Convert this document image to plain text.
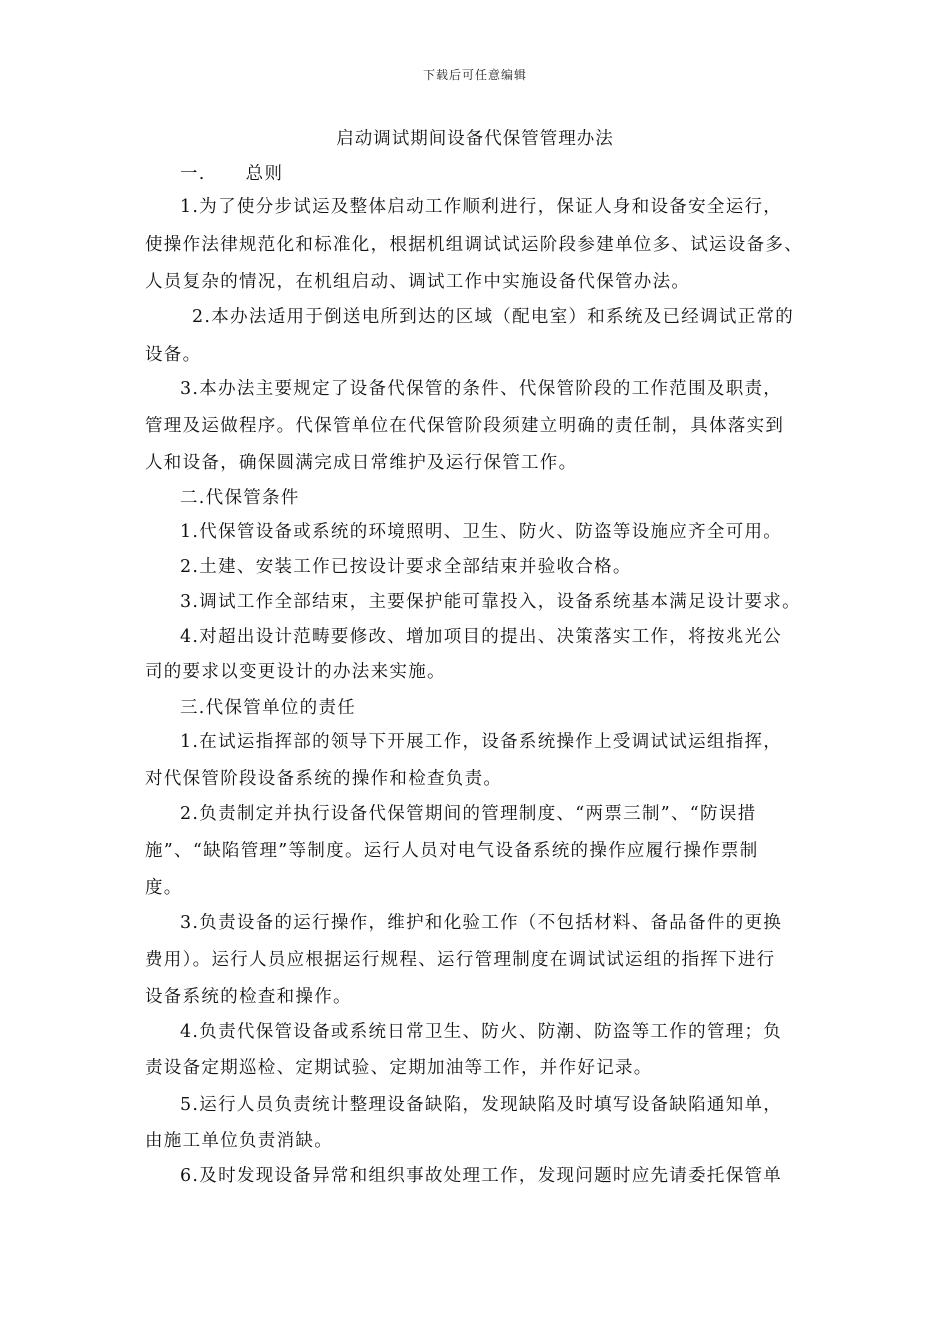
下载后可任意编辑
启动调试期间设备代保管管理办法
一. 总则
1.为了使分步试运及整体启动工作顺利进行，保证人身和设备安全运行，
使操作法律规范化和标准化，根据机组调试试运阶段参建单位多、试运设备多、
人员复杂的情况，在机组启动、调试工作中实施设备代保管办法。
2.本办法适用于倒送电所到达的区域（配电室）和系统及已经调试正常的
设备。
3.本办法主要规定了设备代保管的条件、代保管阶段的工作范围及职责，
管理及运做程序。代保管单位在代保管阶段须建立明确的责任制，具体落实到
人和设备，确保圆满完成日常维护及运行保管工作。
二.代保管条件
1.代保管设备或系统的环境照明、卫生、防火、防盗等设施应齐全可用。
2.土建、安装工作已按设计要求全部结束并验收合格。
3.调试工作全部结束，主要保护能可靠投入，设备系统基本满足设计要求。
4.对超出设计范畴要修改、增加项目的提出、决策落实工作，将按兆光公
司的要求以变更设计的办法来实施。
三.代保管单位的责任
1.在试运指挥部的领导下开展工作，设备系统操作上受调试试运组指挥，
对代保管阶段设备系统的操作和检查负责。
2.负责制定并执行设备代保管期间的管理制度、“两票三制”、“防误措
施”、“缺陷管理”等制度。运行人员对电气设备系统的操作应履行操作票制
度。
3.负责设备的运行操作，维护和化验工作（不包括材料、备品备件的更换
费用）。运行人员应根据运行规程、运行管理制度在调试试运组的指挥下进行
设备系统的检查和操作。
4.负责代保管设备或系统日常卫生、防火、防潮、防盗等工作的管理；负
责设备定期巡检、定期试验、定期加油等工作，并作好记录。
5.运行人员负责统计整理设备缺陷，发现缺陷及时填写设备缺陷通知单，
由施工单位负责消缺。
6.及时发现设备异常和组织事故处理工作，发现问题时应先请委托保管单
